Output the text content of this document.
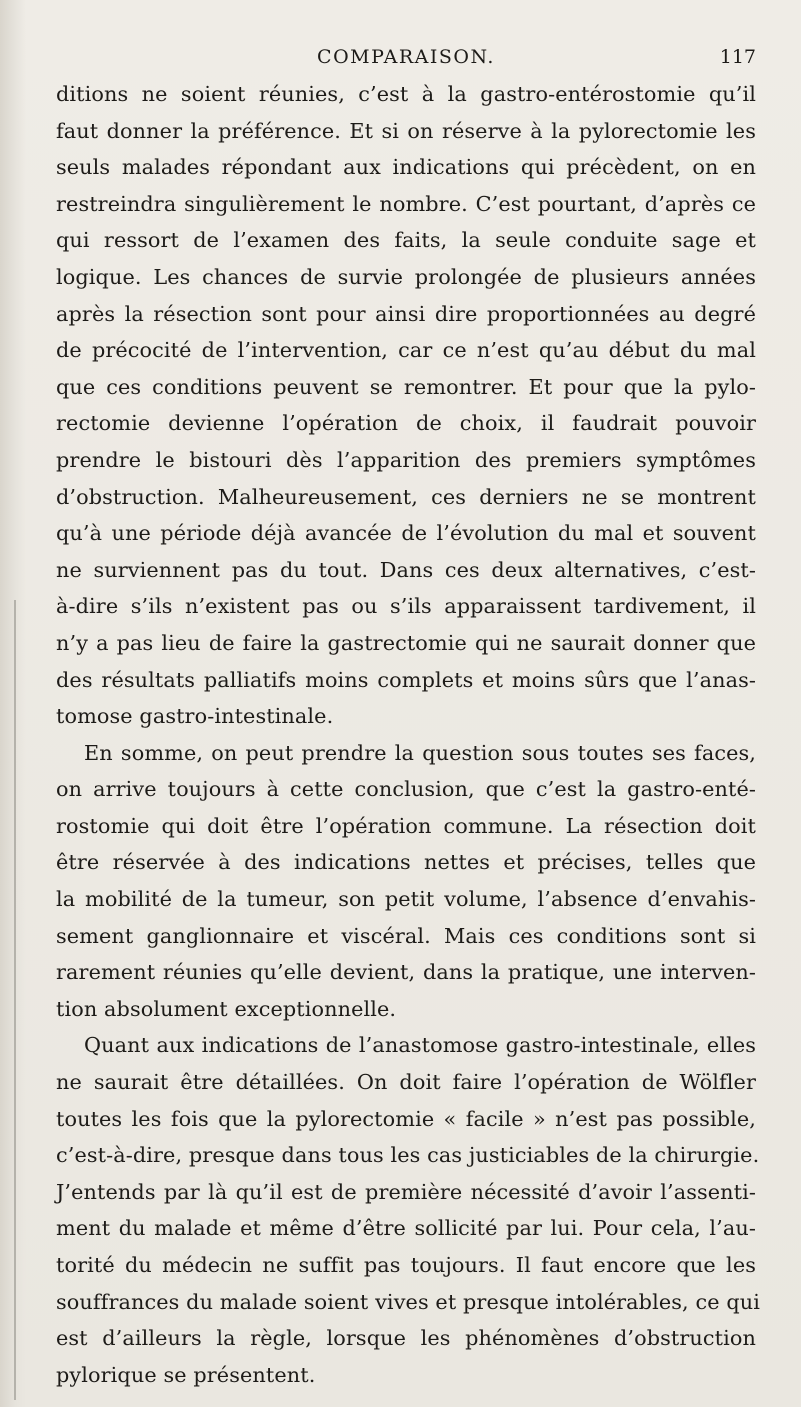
COMPARAISON.	117
ditions ne soient réunies, c’est à la gastro-entérostomie qu’il
faut donner la préférence. Et si on réserve à la pylorectomie les
seuls malades répondant aux indications qui précèdent, on en
restreindra singulièrement le nombre. C’est pourtant, d’après ce
qui ressort de l’examen des faits, la seule conduite sage et
logique. Les chances de survie prolongée de plusieurs années
après la résection sont pour ainsi dire proportionnées au degré
de précocité de l’intervention, car ce n’est qu’au début du mal
que ces conditions peuvent se remontrer. Et pour que la pylo-
rectomie devienne l’opération de choix, il faudrait pouvoir
prendre le bistouri dès l’apparition des premiers symptômes
d’obstruction. Malheureusement, ces derniers ne se montrent
qu’à une période déjà avancée de l’évolution du mal et souvent
ne surviennent pas du tout. Dans ces deux alternatives, c’est-
à-dire s’ils n’existent pas ou s’ils apparaissent tardivement, il
n’y a pas lieu de faire la gastrectomie qui ne saurait donner que
des résultats palliatifs moins complets et moins sûrs que l’anas-
tomose gastro-intestinale.
En somme, on peut prendre la question sous toutes ses faces,
on arrive toujours à cette conclusion, que c’est la gastro-enté-
rostomie qui doit être l’opération commune. La résection doit
être réservée à des indications nettes et précises, telles que
la mobilité de la tumeur, son petit volume, l’absence d’envahis-
sement ganglionnaire et viscéral. Mais ces conditions sont si
rarement réunies qu’elle devient, dans la pratique, une interven-
tion absolument exceptionnelle.
Quant aux indications de l’anastomose gastro-intestinale, elles
ne saurait être détaillées. On doit faire l’opération de Wölfler
toutes les fois que la pylorectomie « facile » n’est pas possible,
c’est-à-dire, presque dans tous les cas justiciables de la chirurgie.
J’entends par là qu’il est de première nécessité d’avoir l’assenti-
ment du malade et même d’être sollicité par lui. Pour cela, l’au-
torité du médecin ne suffit pas toujours. Il faut encore que les
souffrances du malade soient vives et presque intolérables, ce qui
est d’ailleurs la règle, lorsque les phénomènes d’obstruction
pylorique se présentent.
